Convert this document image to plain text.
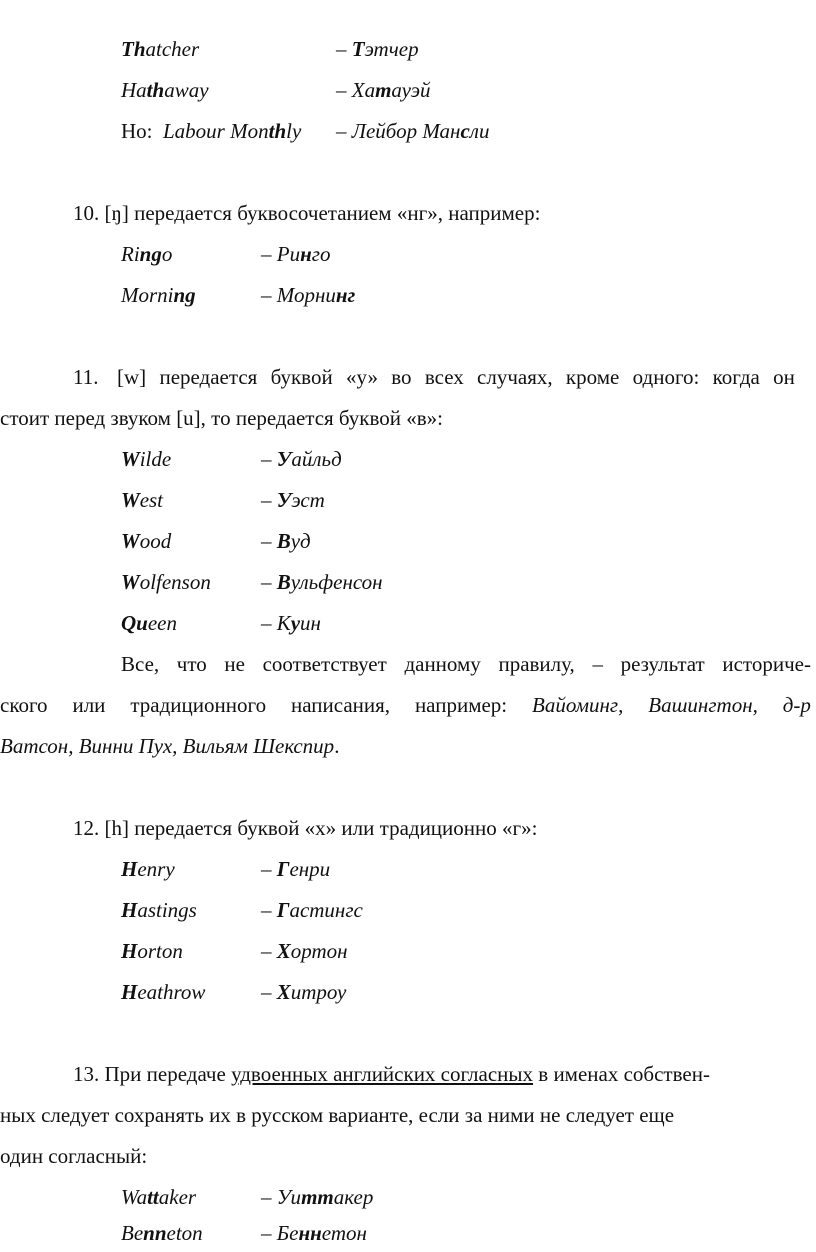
Thatcher	– Тэтчер
Hathaway	– Хатауэй
Но: Labour Monthly – Лейбор Мансли
10. [ŋ] передается буквосочетанием «нг», например:
Ringo	– Ринго
Morning	– Морнинг
11. [w] передается буквой «у» во всех случаях, кроме одного: когда он
стоит перед звуком [u], то передается буквой «в»:
Wilde	– Уайльд
West	– Уэст
Wood	– Вуд
Wolfenson – Вульфенсон
Queen	– Куин
Все, что не соответствует данному правилу, – результат историче-
ского или традиционного написания, например: Вайоминг, Вашингтон, д-р
Ватсон, Винни Пух, Вильям Шекспир.
12. [h] передается буквой «х» или традиционно «г»:
Henry	– Генри
Hastings	– Гастингс
Horton	– Хортон
Heathrow	– Хитроу
13. При передаче удвоенных английских согласных в именах собствен-
ных следует сохранять их в русском варианте, если за ними не следует еще
один согласный:
Wattaker	– Уиттакер
Benneton	– Беннетон
